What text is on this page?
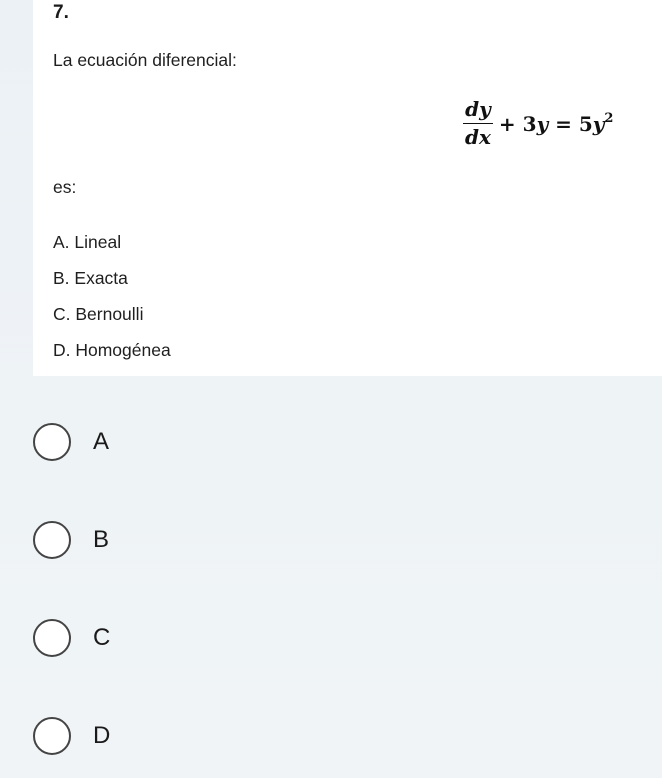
7.
La ecuación diferencial:
$\frac{dy}{dx} + 3y = 5y^2$
es:
A. Lineal
B. Exacta
C. Bernoulli
D. Homogénea
A
B
C
D
